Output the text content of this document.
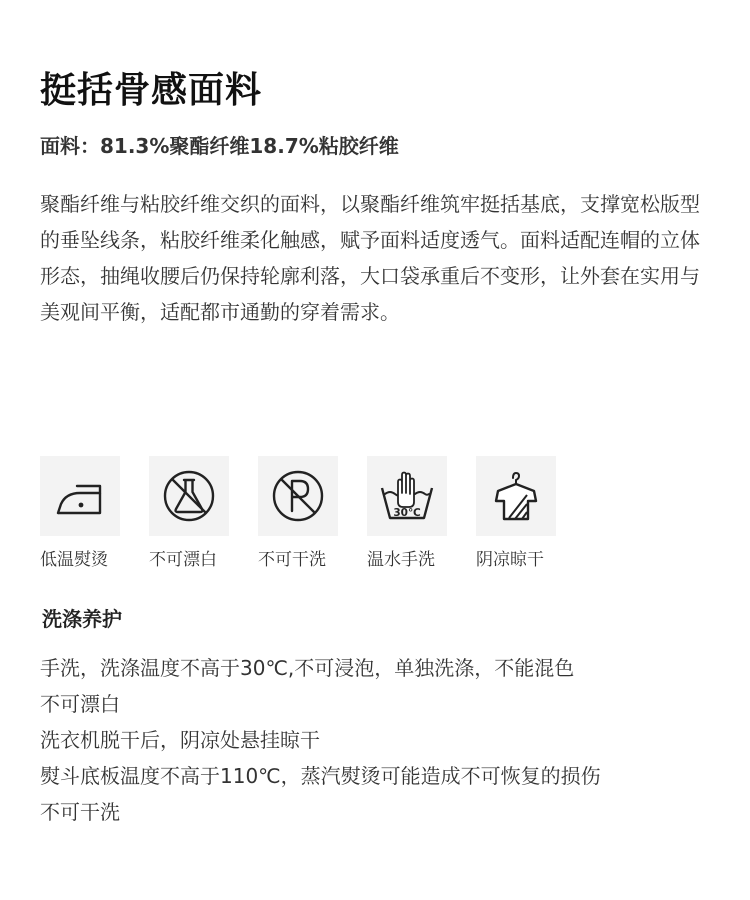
挺括骨感面料
面料：81.3%聚酯纤维18.7%粘胶纤维

聚酯纤维与粘胶纤维交织的面料，以聚酯纤维筑牢挺括基底，支撑宽松版型的垂坠线条，粘胶纤维柔化触感，赋予面料适度透气。面料适配连帽的立体形态，抽绳收腰后仍保持轮廓利落，大口袋承重后不变形，让外套在实用与美观间平衡，适配都市通勤的穿着需求。

低温熨烫	不可漂白	不可干洗
30℃
温水手洗	阴凉晾干
洗涤养护
手洗，洗涤温度不高于30℃,不可浸泡，单独洗涤，不能混色
不可漂白
洗衣机脱干后，阴凉处悬挂晾干
熨斗底板温度不高于110℃，蒸汽熨烫可能造成不可恢复的损伤
不可干洗
